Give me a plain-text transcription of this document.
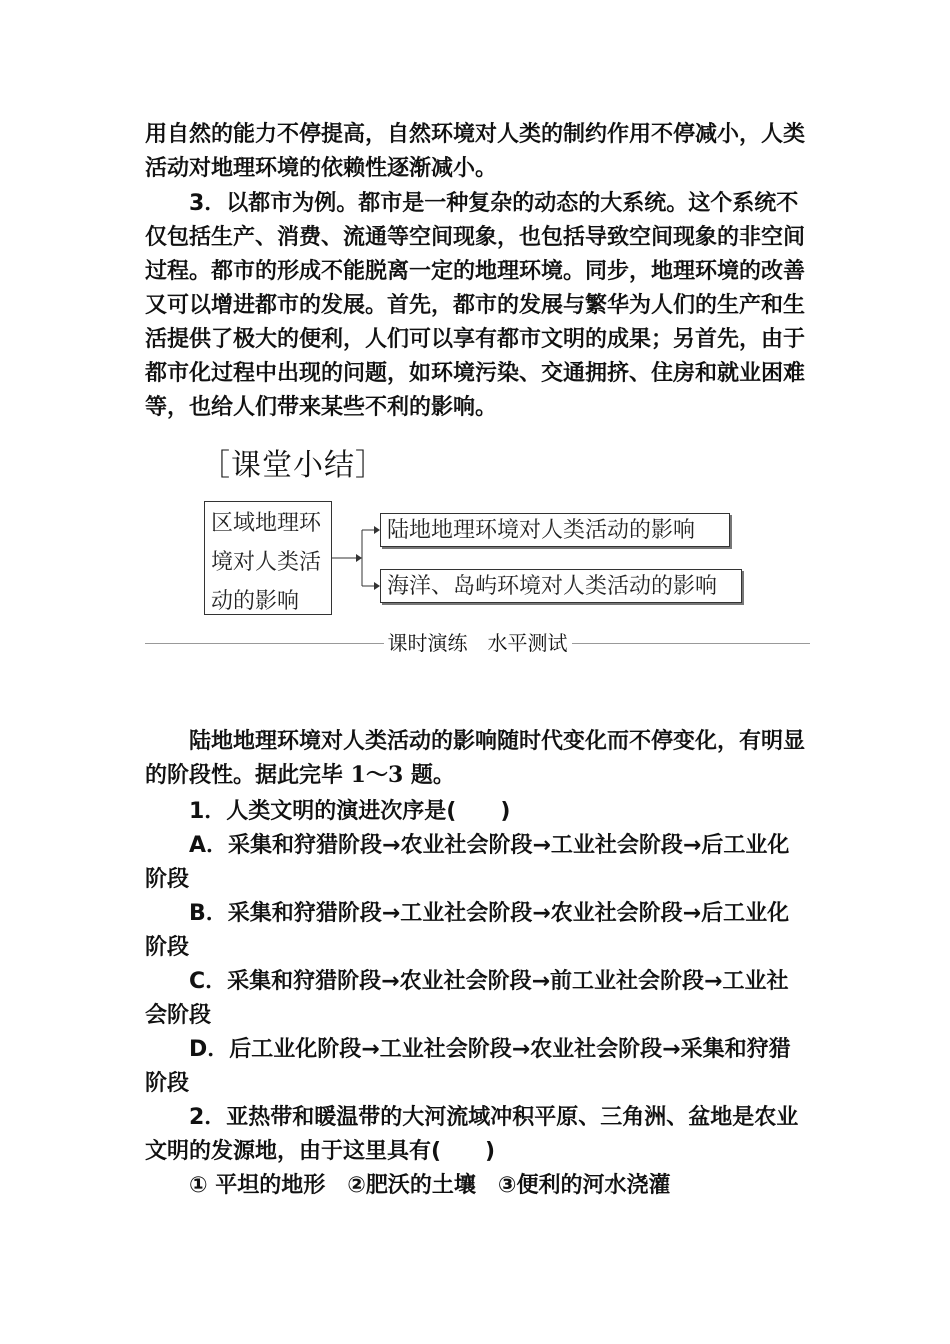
用自然的能力不停提高，自然环境对人类的制约作用不停减小，人类活动对地理环境的依赖性逐渐减小。

3．以都市为例。都市是一种复杂的动态的大系统。这个系统不仅包括生产、消费、流通等空间现象，也包括导致空间现象的非空间过程。都市的形成不能脱离一定的地理环境。同步，地理环境的改善又可以增进都市的发展。首先，都市的发展与繁华为人们的生产和生活提供了极大的便利，人们可以享有都市文明的成果；另首先，由于都市化过程中出现的问题，如环境污染、交通拥挤、住房和就业困难等，也给人们带来某些不利的影响。

［课堂小结］
区域地理环
境对人类活
动的影响
陆地地理环境对人类活动的影响
海洋、岛屿环境对人类活动的影响
课时演练　水平测试

陆地地理环境对人类活动的影响随时代变化而不停变化，有明显的阶段性。据此完毕 1～3 题。

1．人类文明的演进次序是(　　)

A．采集和狩猎阶段→农业社会阶段→工业社会阶段→后工业化阶段

B．采集和狩猎阶段→工业社会阶段→农业社会阶段→后工业化阶段

C．采集和狩猎阶段→农业社会阶段→前工业社会阶段→工业社会阶段

D．后工业化阶段→工业社会阶段→农业社会阶段→采集和狩猎阶段

2．亚热带和暖温带的大河流域冲积平原、三角洲、盆地是农业文明的发源地，由于这里具有(　　)

① 平坦的地形　②肥沃的土壤　③便利的河水浇灌
